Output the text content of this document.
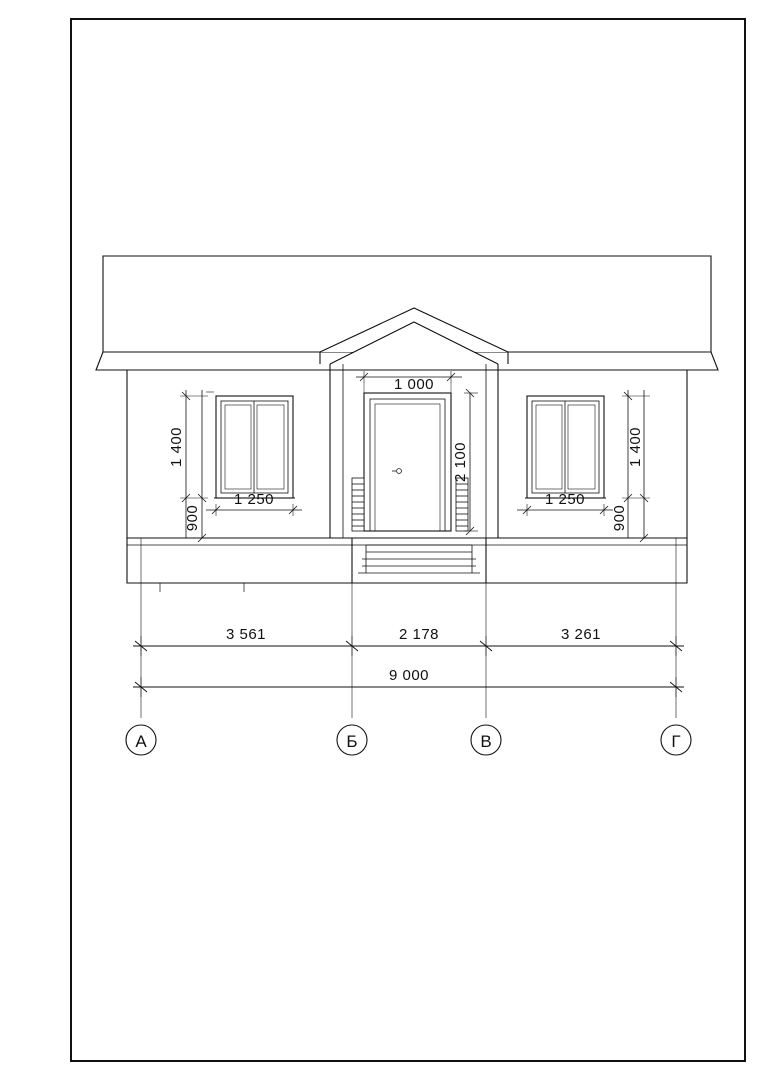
1 400
900
1 400
900
1 250	1 250
1 000
2 100
3 561	2 178	3 261
9 000
А	Б	В	Г
